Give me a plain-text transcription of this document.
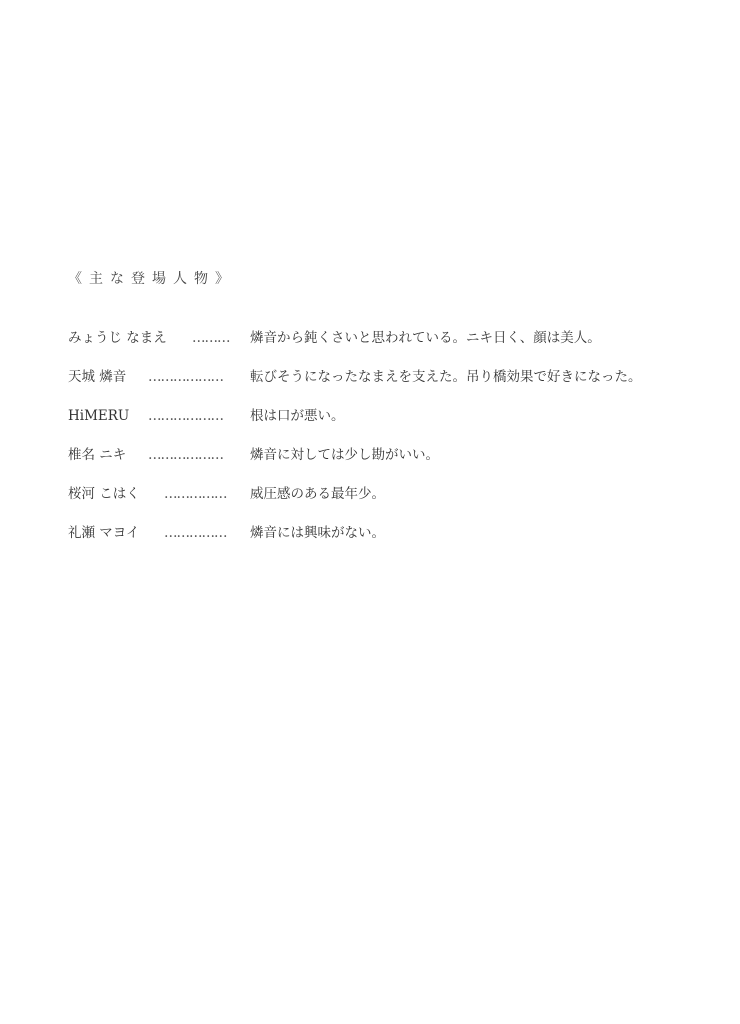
《主な登場人物》
みょうじ なまえ ……… 燐音から鈍くさいと思われている。ニキ日く、顔は美人。
天城 燐音 ……………… 転びそうになったなまえを支えた。吊り橋効果で好きになった。
HiMERU ……………… 根は口が悪い。
椎名 ニキ ……………… 燐音に対しては少し勘がいい。
桜河 こはく …………… 威圧感のある最年少。
礼瀬 マヨイ …………… 燐音には興味がない。
